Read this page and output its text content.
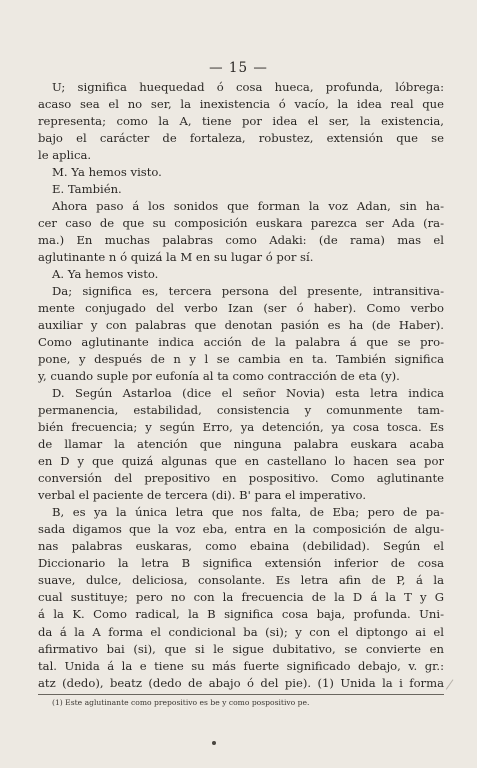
— 15 —
U; significa huequedad ó cosa hueca, profunda, lóbrega:
acaso sea el no ser, la inexistencia ó vacío, la idea real que
representa; como la A, tiene por idea el ser, la existencia,
bajo el carácter de fortaleza, robustez, extensión que se
le aplica.
M. Ya hemos visto.
E. También.
Ahora paso á los sonidos que forman la voz Adan, sin ha-
cer caso de que su composición euskara parezca ser Ada (ra-
ma.) En muchas palabras como Adaki: (de rama) mas el
aglutinante n ó quizá la M en su lugar ó por sí.
A. Ya hemos visto.
Da; significa es, tercera persona del presente, intransitiva-
mente conjugado del verbo Izan (ser ó haber). Como verbo
auxiliar y con palabras que denotan pasión es ha (de Haber).
Como aglutinante indica acción de la palabra á que se pro-
pone, y después de n y l se cambia en ta. También significa
y, cuando suple por eufonía al ta como contracción de eta (y).
D. Según Astarloa (dice el señor Novia) esta letra indica
permanencia, estabilidad, consistencia y comunmente tam-
bién frecuencia; y según Erro, ya detención, ya cosa tosca. Es
de llamar la atención que ninguna palabra euskara acaba
en D y que quizá algunas que en castellano lo hacen sea por
conversión del prepositivo en pospositivo. Como aglutinante
verbal el paciente de tercera (di). B' para el imperativo.
B, es ya la única letra que nos falta, de Eba; pero de pa-
sada digamos que la voz eba, entra en la composición de algu-
nas palabras euskaras, como ebaina (debilidad). Según el
Diccionario la letra B significa extensión inferior de cosa
suave, dulce, deliciosa, consolante. Es letra afin de P, á la
cual sustituye; pero no con la frecuencia de la D á la T y G
á la K. Como radical, la B significa cosa baja, profunda. Uni-
da á la A forma el condicional ba (si); y con el diptongo ai el
afirmativo bai (si), que si le sigue dubitativo, se convierte en
tal. Unida á la e tiene su más fuerte significado debajo, v. gr.:
atz (dedo), beatz (dedo de abajo ó del pie). (1) Unida la i forma
(1) Este aglutinante como prepositivo es be y como pospositivo pe.
